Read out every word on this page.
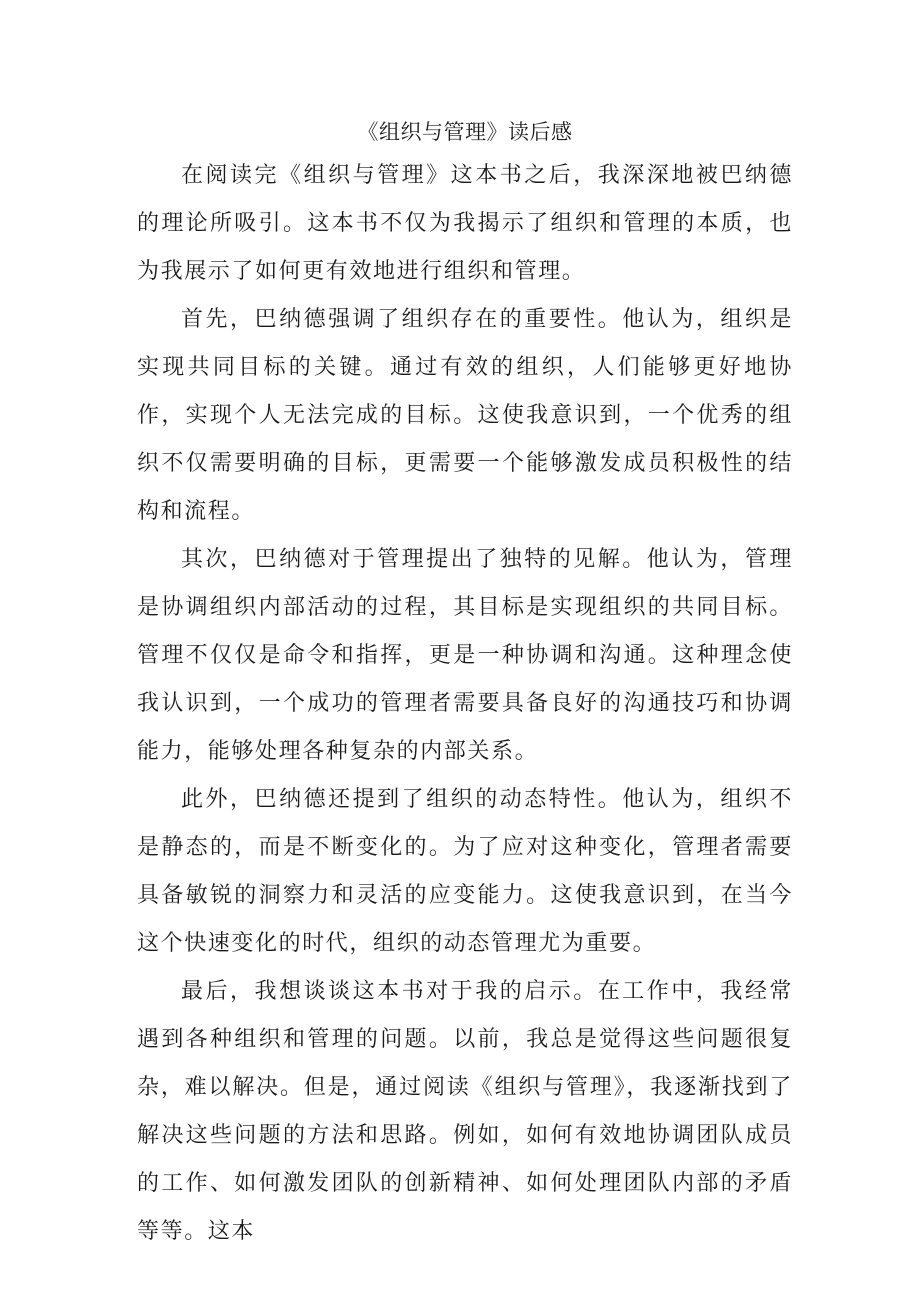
《组织与管理》读后感

在阅读完《组织与管理》这本书之后，我深深地被巴纳德的理论所吸引。这本书不仅为我揭示了组织和管理的本质，也为我展示了如何更有效地进行组织和管理。

首先，巴纳德强调了组织存在的重要性。他认为，组织是实现共同目标的关键。通过有效的组织，人们能够更好地协作，实现个人无法完成的目标。这使我意识到，一个优秀的组织不仅需要明确的目标，更需要一个能够激发成员积极性的结构和流程。

其次，巴纳德对于管理提出了独特的见解。他认为，管理是协调组织内部活动的过程，其目标是实现组织的共同目标。管理不仅仅是命令和指挥，更是一种协调和沟通。这种理念使我认识到，一个成功的管理者需要具备良好的沟通技巧和协调能力，能够处理各种复杂的内部关系。

此外，巴纳德还提到了组织的动态特性。他认为，组织不是静态的，而是不断变化的。为了应对这种变化，管理者需要具备敏锐的洞察力和灵活的应变能力。这使我意识到，在当今这个快速变化的时代，组织的动态管理尤为重要。

最后，我想谈谈这本书对于我的启示。在工作中，我经常遇到各种组织和管理的问题。以前，我总是觉得这些问题很复杂，难以解决。但是，通过阅读《组织与管理》，我逐渐找到了解决这些问题的方法和思路。例如，如何有效地协调团队成员的工作、如何激发团队的创新精神、如何处理团队内部的矛盾等等。这本
